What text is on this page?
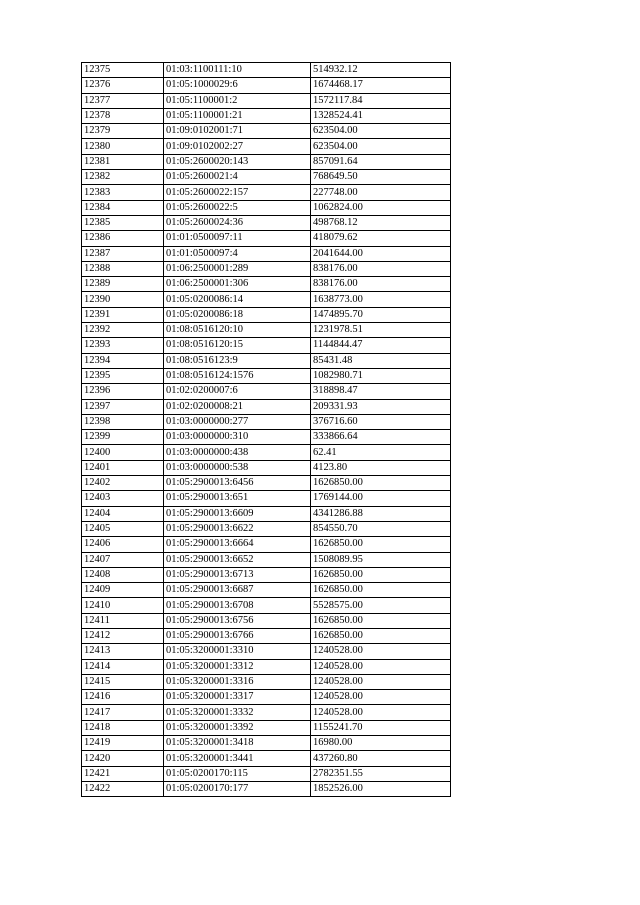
12375	01:03:1100111:10	514932.12
12376	01:05:1000029:6	1674468.17
12377	01:05:1100001:2	1572117.84
12378	01:05:1100001:21	1328524.41
12379	01:09:0102001:71	623504.00
12380	01:09:0102002:27	623504.00
12381	01:05:2600020:143	857091.64
12382	01:05:2600021:4	768649.50
12383	01:05:2600022:157	227748.00
12384	01:05:2600022:5	1062824.00
12385	01:05:2600024:36	498768.12
12386	01:01:0500097:11	418079.62
12387	01:01:0500097:4	2041644.00
12388	01:06:2500001:289	838176.00
12389	01:06:2500001:306	838176.00
12390	01:05:0200086:14	1638773.00
12391	01:05:0200086:18	1474895.70
12392	01:08:0516120:10	1231978.51
12393	01:08:0516120:15	1144844.47
12394	01:08:0516123:9	85431.48
12395	01:08:0516124:1576	1082980.71
12396	01:02:0200007:6	318898.47
12397	01:02:0200008:21	209331.93
12398	01:03:0000000:277	376716.60
12399	01:03:0000000:310	333866.64
12400	01:03:0000000:438	62.41
12401	01:03:0000000:538	4123.80
12402	01:05:2900013:6456	1626850.00
12403	01:05:2900013:651	1769144.00
12404	01:05:2900013:6609	4341286.88
12405	01:05:2900013:6622	854550.70
12406	01:05:2900013:6664	1626850.00
12407	01:05:2900013:6652	1508089.95
12408	01:05:2900013:6713	1626850.00
12409	01:05:2900013:6687	1626850.00
12410	01:05:2900013:6708	5528575.00
12411	01:05:2900013:6756	1626850.00
12412	01:05:2900013:6766	1626850.00
12413	01:05:3200001:3310	1240528.00
12414	01:05:3200001:3312	1240528.00
12415	01:05:3200001:3316	1240528.00
12416	01:05:3200001:3317	1240528.00
12417	01:05:3200001:3332	1240528.00
12418	01:05:3200001:3392	1155241.70
12419	01:05:3200001:3418	16980.00
12420	01:05:3200001:3441	437260.80
12421	01:05:0200170:115	2782351.55
12422	01:05:0200170:177	1852526.00
